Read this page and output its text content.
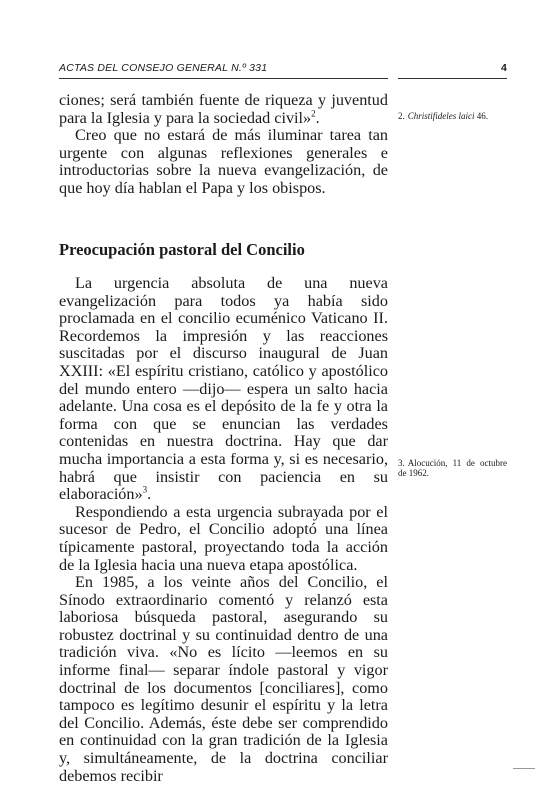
ACTAS DEL CONSEJO GENERAL N.º 331	4

ciones; será también fuente de riqueza y juventud para la Iglesia y para la sociedad civil»$^2$.

Creo que no estará de más iluminar tarea tan urgente con algunas reflexiones generales e introductorias sobre la nueva evangelización, de que hoy día hablan el Papa y los obispos.

2. Christifideles laici 46.
Preocupación pastoral del Concilio

La urgencia absoluta de una nueva evangelización para todos ya había sido proclamada en el concilio ecuménico Vaticano II. Recordemos la impresión y las reacciones suscitadas por el discurso inaugural de Juan XXIII: «El espíritu cristiano, católico y apostólico del mundo entero —dijo— espera un salto hacia adelante. Una cosa es el depósito de la fe y otra la forma con que se enuncian las verdades contenidas en nuestra doctrina. Hay que dar mucha importancia a esta forma y, si es necesario, habrá que insistir con paciencia en su elaboración»$^3$.

Respondiendo a esta urgencia subrayada por el sucesor de Pedro, el Concilio adoptó una línea típicamente pastoral, proyectando toda la acción de la Iglesia hacia una nueva etapa apostólica.

En 1985, a los veinte años del Concilio, el Sínodo extraordinario comentó y relanzó esta laboriosa búsqueda pastoral, asegurando su robustez doctrinal y su continuidad dentro de una tradición viva. «No es lícito —leemos en su informe final— separar índole pastoral y vigor doctrinal de los documentos [conciliares], como tampoco es legítimo desunir el espíritu y la letra del Concilio. Además, éste debe ser comprendido en continuidad con la gran tradición de la Iglesia y, simultáneamente, de la doctrina conciliar debemos recibir

3. Alocución, 11 de octubre de 1962.
